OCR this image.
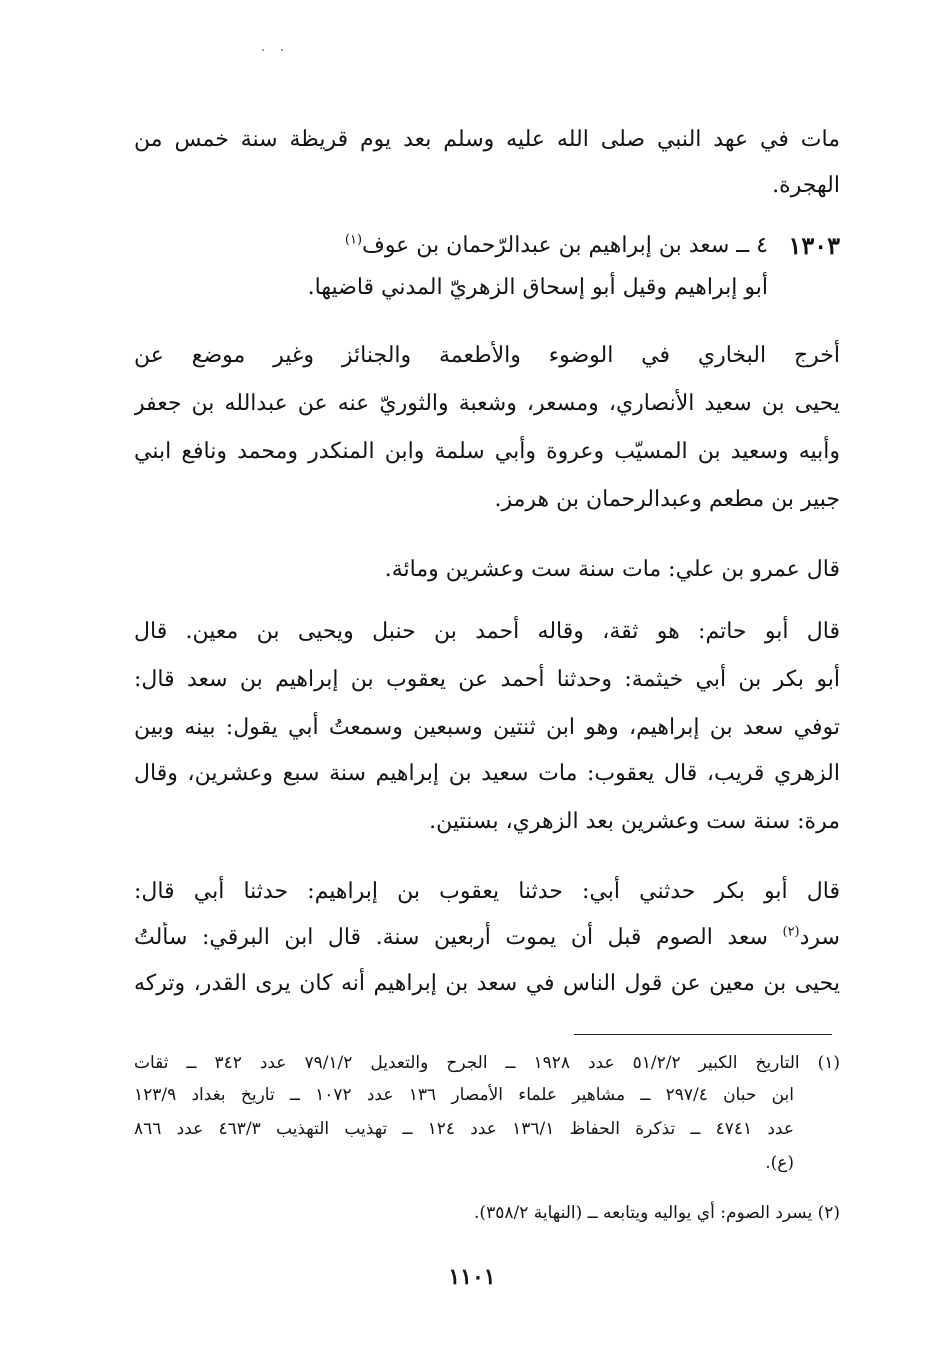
مات في عهد النبي صلى الله عليه وسلم بعد يوم قريظة سنة خمس من
الهجرة.
١٣٠٣
٤ ــ سعد بن إبراهيم بن عبدالرّحمان بن عوف$^{(١)}$
أبو إبراهيم وقيل أبو إسحاق الزهريّ المدني قاضيها.
أخرج البخاري في الوضوء والأطعمة والجنائز وغير موضع عن
يحيى بن سعيد الأنصاري، ومسعر، وشعبة والثوريّ عنه عن عبدالله بن جعفر
وأبيه وسعيد بن المسيّب وعروة وأبي سلمة وابن المنكدر ومحمد ونافع ابني
جبير بن مطعم وعبدالرحمان بن هرمز.
قال عمرو بن علي: مات سنة ست وعشرين ومائة.
قال أبو حاتم: هو ثقة، وقاله أحمد بن حنبل ويحيى بن معين. قال
أبو بكر بن أبي خيثمة: وحدثنا أحمد عن يعقوب بن إبراهيم بن سعد قال:
توفي سعد بن إبراهيم، وهو ابن ثنتين وسبعين وسمعتُ أبي يقول: بينه وبين
الزهري قريب، قال يعقوب: مات سعيد بن إبراهيم سنة سبع وعشرين، وقال
مرة: سنة ست وعشرين بعد الزهري، بسنتين.
قال أبو بكر حدثني أبي: حدثنا يعقوب بن إبراهيم: حدثنا أبي قال:
سرد$^{(٢)}$ سعد الصوم قبل أن يموت أربعين سنة. قال ابن البرقي: سألتُ
يحيى بن معين عن قول الناس في سعد بن إبراهيم أنه كان يرى القدر، وتركه
(١) التاريخ الكبير ٥١/٢/٢ عدد ١٩٢٨ ــ الجرح والتعديل ٧٩/١/٢ عدد ٣٤٢ ــ ثقات
ابن حبان ٢٩٧/٤ ــ مشاهير علماء الأمصار ١٣٦ عدد ١٠٧٢ ــ تاريخ بغداد ١٢٣/٩
عدد ٤٧٤١ ــ تذكرة الحفاظ ١٣٦/١ عدد ١٢٤ ــ تهذيب التهذيب ٤٦٣/٣ عدد ٨٦٦
(ع).
(٢) يسرد الصوم: أي يواليه ويتابعه ــ (النهاية ٣٥٨/٢).
١١٠١
